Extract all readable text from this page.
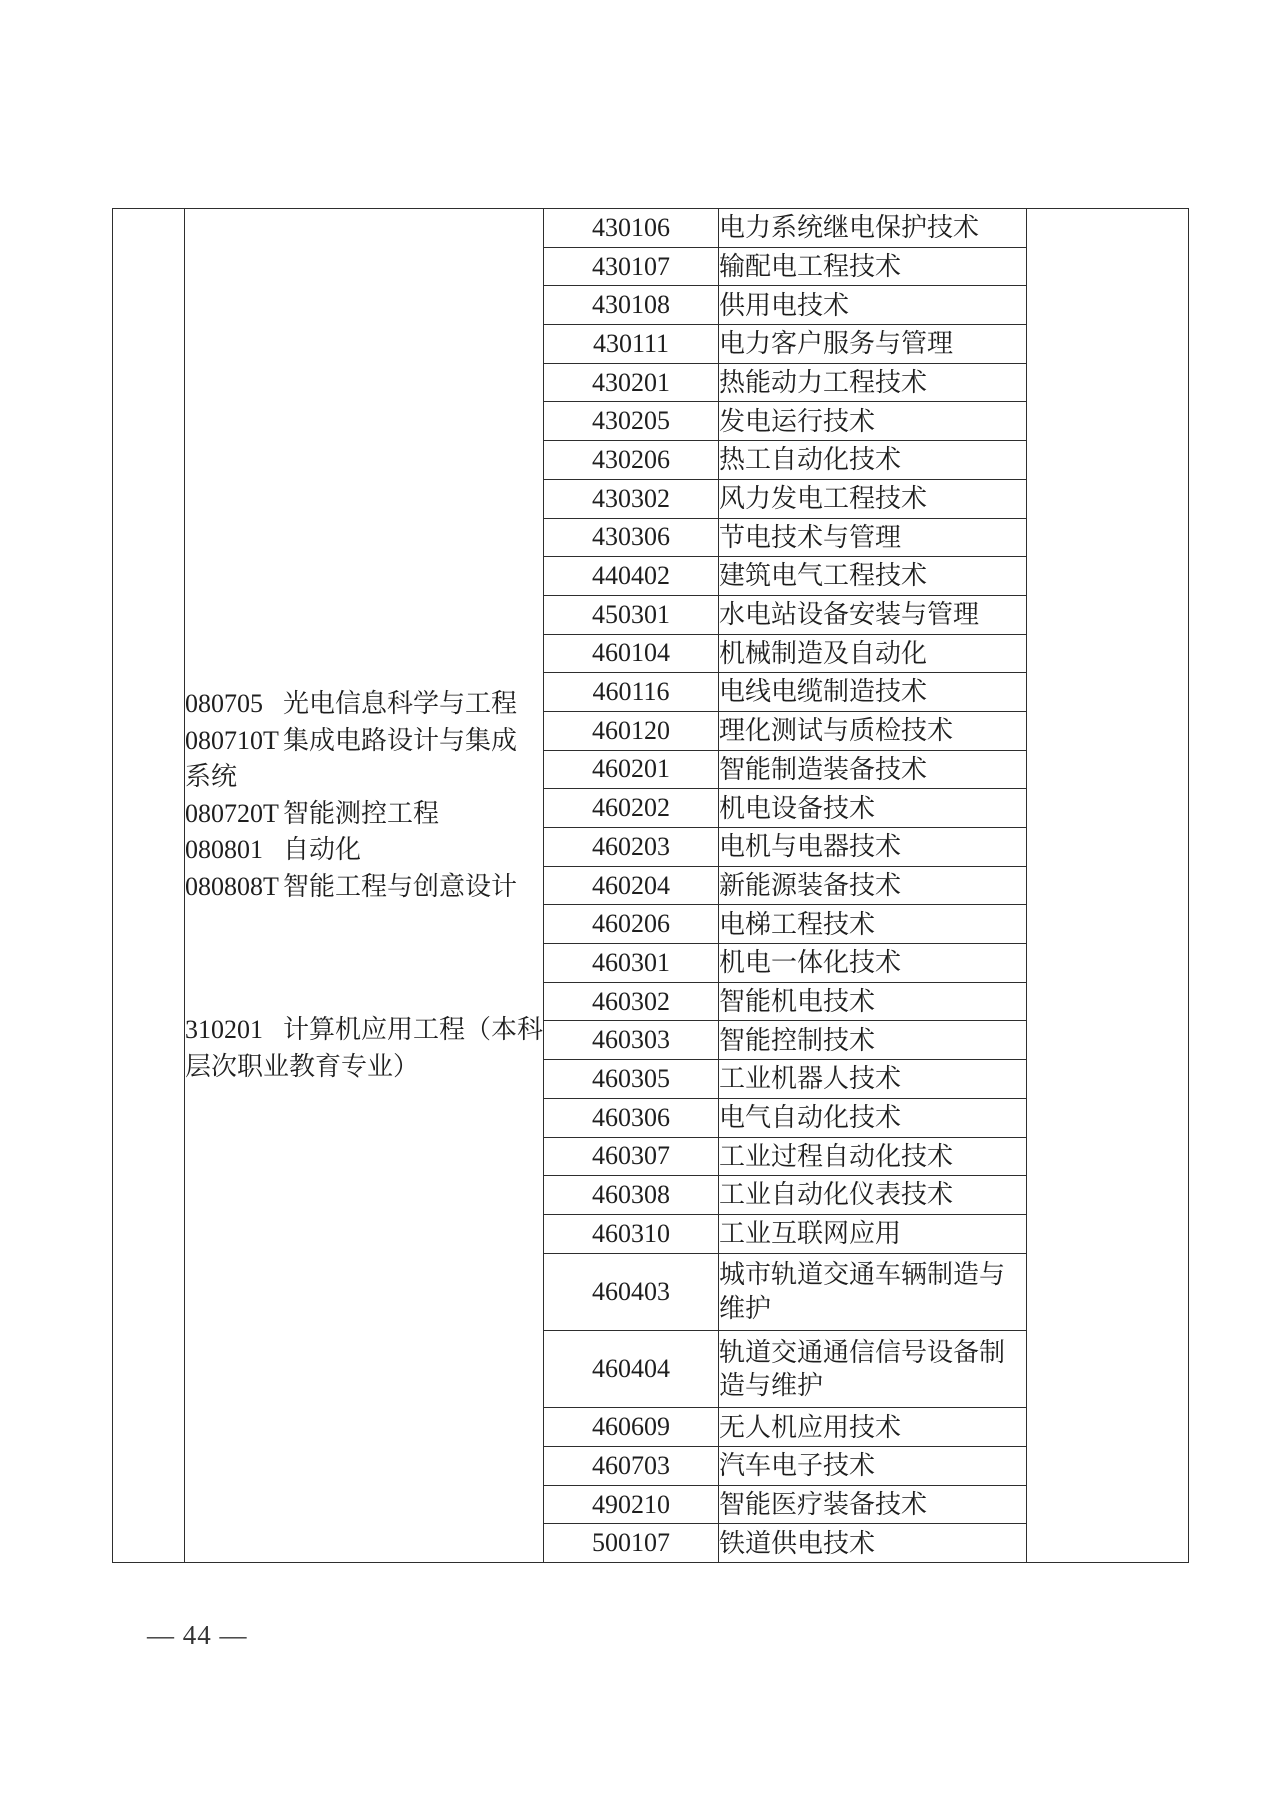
080705 光电信息科学与工程
080710T 集成电路设计与集成
系统
080720T 智能测控工程
080801 自动化
080808T 智能工程与创意设计
310201 计算机应用工程（本科
层次职业教育专业）
	430106	电力系统继电保护技术

		430107	输配电工程技术	

		430108	供用电技术	

		430111	电力客户服务与管理	

		430201	热能动力工程技术	

		430205	发电运行技术	

		430206	热工自动化技术	

		430302	风力发电工程技术	

		430306	节电技术与管理	

		440402	建筑电气工程技术	

		450301	水电站设备安装与管理	

		460104	机械制造及自动化	

		460116	电线电缆制造技术	

		460120	理化测试与质检技术	

		460201	智能制造装备技术	

		460202	机电设备技术	

		460203	电机与电器技术	

		460204	新能源装备技术	

		460206	电梯工程技术	

		460301	机电一体化技术	

		460302	智能机电技术	

		460303	智能控制技术	

		460305	工业机器人技术	

		460306	电气自动化技术	

		460307	工业过程自动化技术	

		460308	工业自动化仪表技术	

		460310	工业互联网应用	

		460403	城市轨道交通车辆制造与
维护	

		460404	轨道交通通信信号设备制
造与维护	

		460609	无人机应用技术	

		460703	汽车电子技术	

		490210	智能医疗装备技术	

		500107	铁道供电技术	
— 44 —
